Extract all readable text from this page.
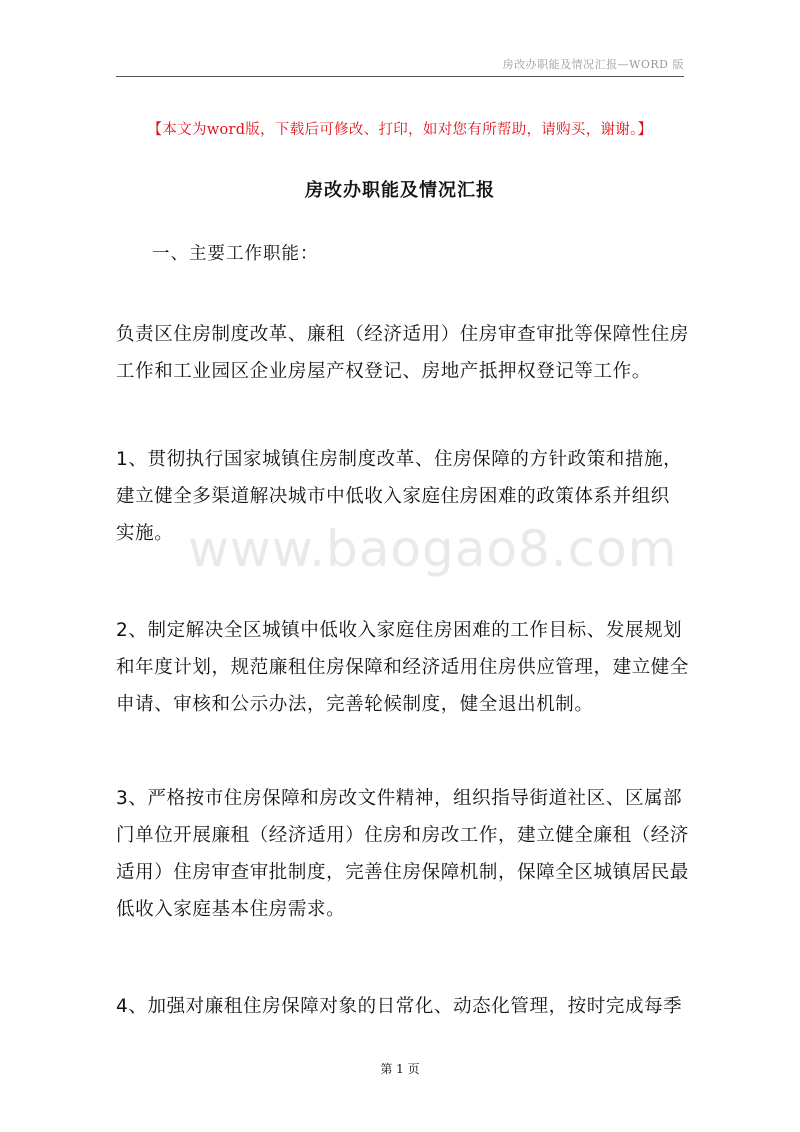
房改办职能及情况汇报—WORD 版
【本文为word版，下载后可修改、打印，如对您有所帮助，请购买，谢谢。】
房改办职能及情况汇报
一、主要工作职能：
www.baogao8.com
负责区住房制度改革、廉租（经济适用）住房审查审批等保障性住房
工作和工业园区企业房屋产权登记、房地产抵押权登记等工作。
1、贯彻执行国家城镇住房制度改革、住房保障的方针政策和措施，
建立健全多渠道解决城市中低收入家庭住房困难的政策体系并组织
实施。
2、制定解决全区城镇中低收入家庭住房困难的工作目标、发展规划
和年度计划，规范廉租住房保障和经济适用住房供应管理，建立健全
申请、审核和公示办法，完善轮候制度，健全退出机制。
3、严格按市住房保障和房改文件精神，组织指导街道社区、区属部
门单位开展廉租（经济适用）住房和房改工作，建立健全廉租（经济
适用）住房审查审批制度，完善住房保障机制，保障全区城镇居民最
低收入家庭基本住房需求。
4、加强对廉租住房保障对象的日常化、动态化管理，按时完成每季
第 1 页
